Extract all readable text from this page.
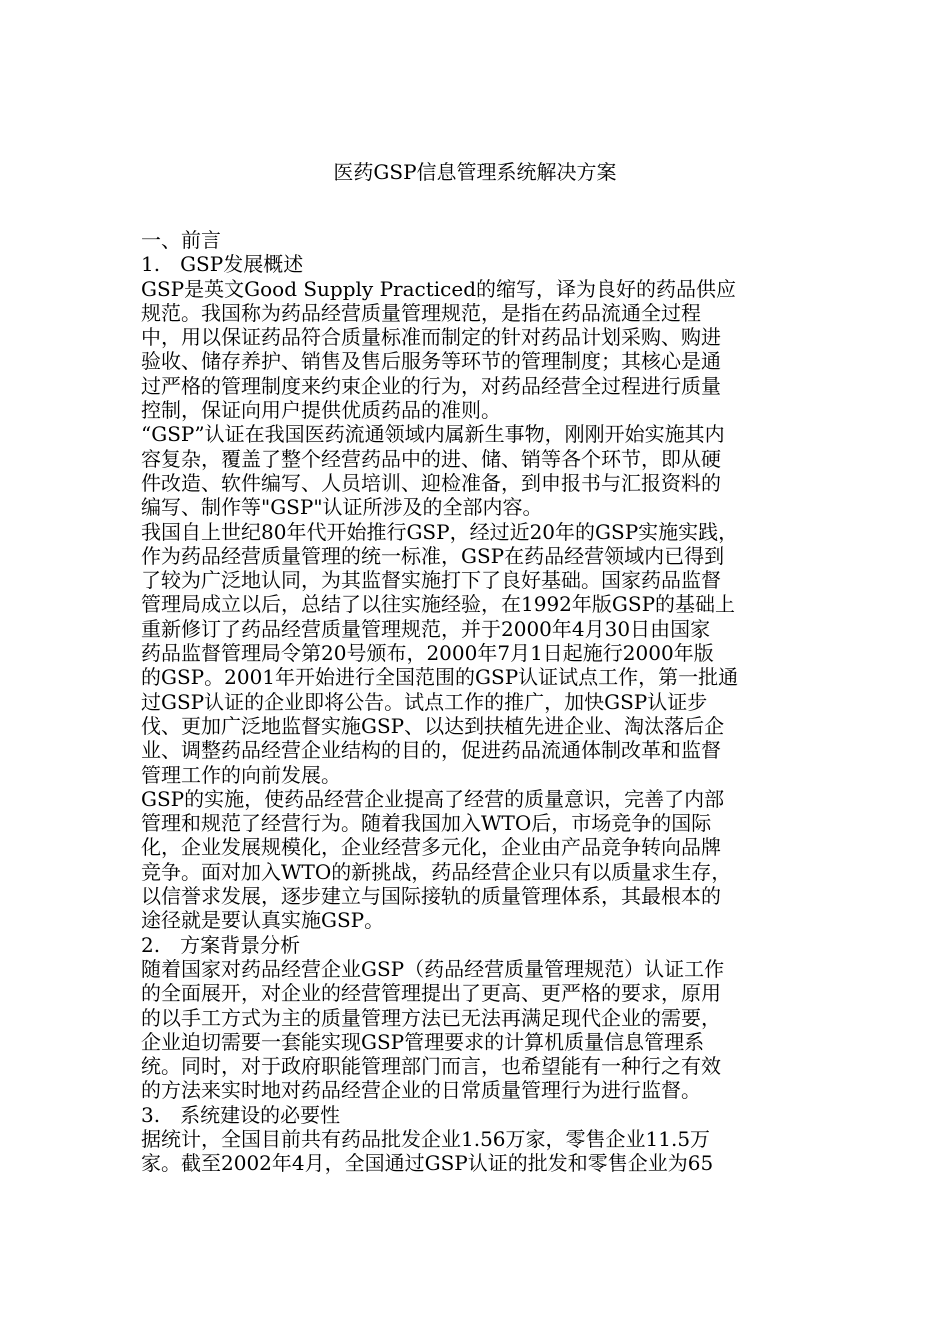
医药GSP信息管理系统解决方案
一、前言
1.　GSP发展概述
GSP是英文Good Supply Practiced的缩写，译为良好的药品供应
规范。我国称为药品经营质量管理规范，是指在药品流通全过程
中，用以保证药品符合质量标准而制定的针对药品计划采购、购进
验收、储存养护、销售及售后服务等环节的管理制度；其核心是通
过严格的管理制度来约束企业的行为，对药品经营全过程进行质量
控制，保证向用户提供优质药品的准则。
“GSP”认证在我国医药流通领域内属新生事物，刚刚开始实施其内
容复杂，覆盖了整个经营药品中的进、储、销等各个环节，即从硬
件改造、软件编写、人员培训、迎检准备，到申报书与汇报资料的
编写、制作等"GSP"认证所涉及的全部内容。
我国自上世纪80年代开始推行GSP，经过近20年的GSP实施实践，
作为药品经营质量管理的统一标准，GSP在药品经营领域内已得到
了较为广泛地认同，为其监督实施打下了良好基础。国家药品监督
管理局成立以后，总结了以往实施经验，在1992年版GSP的基础上
重新修订了药品经营质量管理规范，并于2000年4月30日由国家
药品监督管理局令第20号颁布，2000年7月1日起施行2000年版
的GSP。2001年开始进行全国范围的GSP认证试点工作，第一批通
过GSP认证的企业即将公告。试点工作的推广，加快GSP认证步
伐、更加广泛地监督实施GSP、以达到扶植先进企业、淘汰落后企
业、调整药品经营企业结构的目的，促进药品流通体制改革和监督
管理工作的向前发展。
GSP的实施，使药品经营企业提高了经营的质量意识，完善了内部
管理和规范了经营行为。随着我国加入WTO后，市场竞争的国际
化，企业发展规模化，企业经营多元化，企业由产品竞争转向品牌
竞争。面对加入WTO的新挑战，药品经营企业只有以质量求生存，
以信誉求发展，逐步建立与国际接轨的质量管理体系，其最根本的
途径就是要认真实施GSP。
2.　方案背景分析
随着国家对药品经营企业GSP（药品经营质量管理规范）认证工作
的全面展开，对企业的经营管理提出了更高、更严格的要求，原用
的以手工方式为主的质量管理方法已无法再满足现代企业的需要，
企业迫切需要一套能实现GSP管理要求的计算机质量信息管理系
统。同时，对于政府职能管理部门而言，也希望能有一种行之有效
的方法来实时地对药品经营企业的日常质量管理行为进行监督。
3.　系统建设的必要性
据统计，全国目前共有药品批发企业1.56万家，零售企业11.5万
家。截至2002年4月，全国通过GSP认证的批发和零售企业为65
